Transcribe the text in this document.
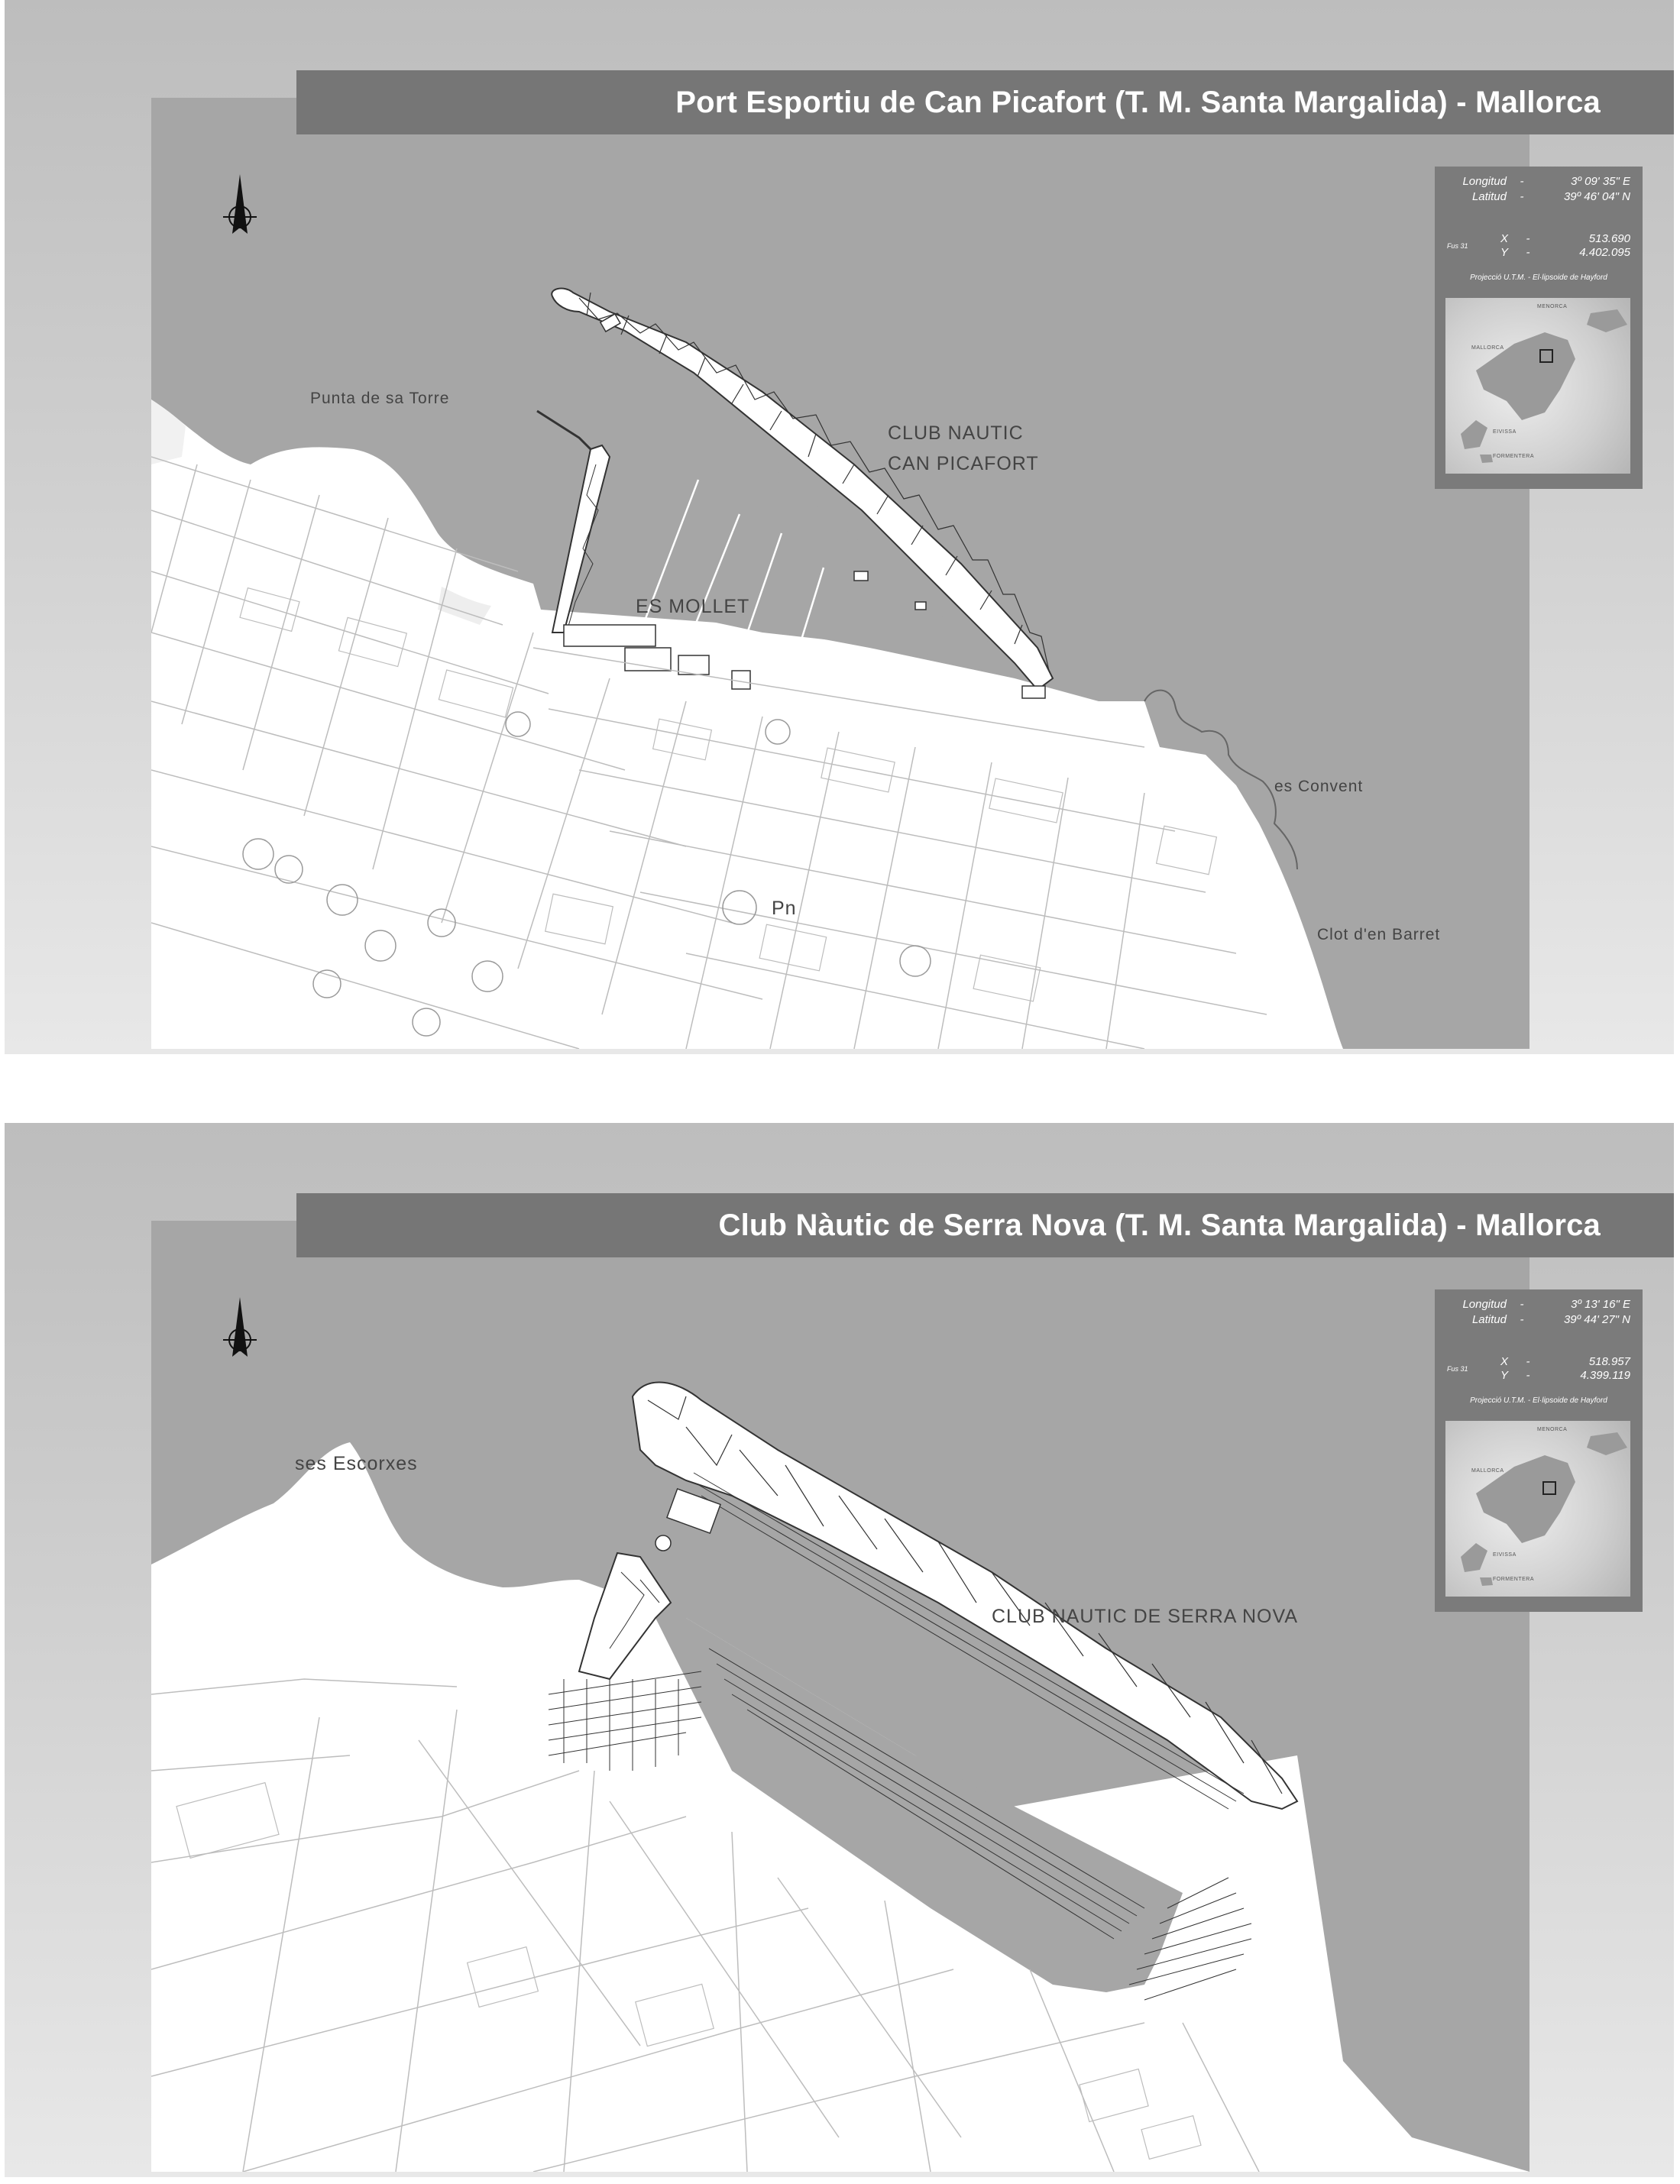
Port Esportiu de Can Picafort (T. M. Santa Margalida) - Mallorca
Punta de sa Torre
CLUB NAUTIC
CAN PICAFORT
ES MOLLET
es Convent
Clot d'en Barret
Pn
Longitud	-	3º 09' 35" E
Latitud	-	39º 46' 04" N
Fus 31
X	-	513.690
Y	-	4.402.095
Projecció U.T.M. - El·lipsoide de Hayford
MENORCA
MALLORCA
EIVISSA
FORMENTERA
Club Nàutic de Serra Nova (T. M. Santa Margalida) - Mallorca
ses Escorxes
CLUB NAUTIC DE SERRA NOVA
Longitud	-	3º 13' 16" E
Latitud	-	39º 44' 27" N
Fus 31
X	-	518.957
Y	-	4.399.119
Projecció U.T.M. - El·lipsoide de Hayford
MENORCA
MALLORCA
EIVISSA
FORMENTERA
